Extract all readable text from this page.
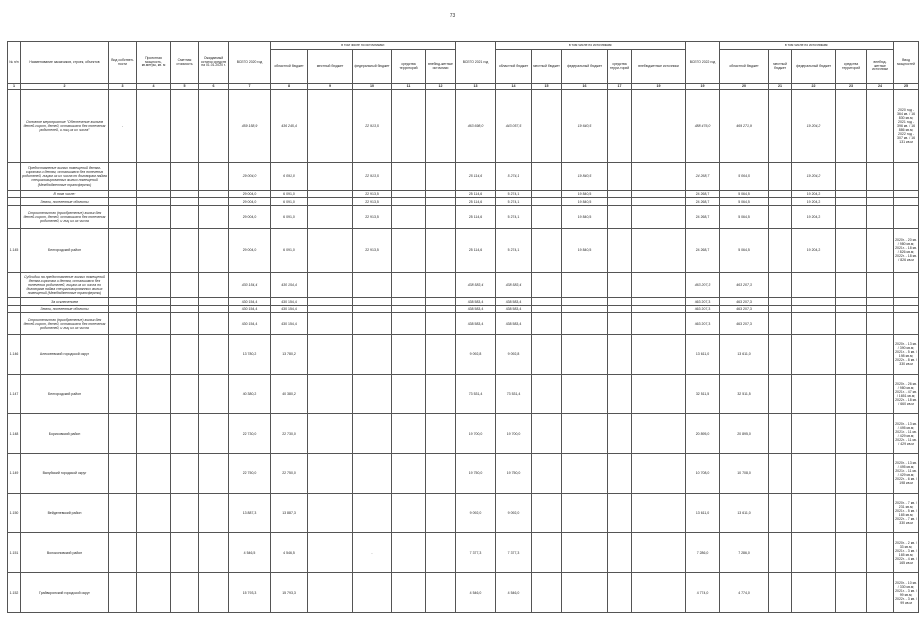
73
№ п/п	Наименование заказчиков, строек, объектов	Вид собствен-ности	Проектная мощность, кв.метры, кв. м	Сметная стоимость	Ожидаемый остаток средств на 01.01.2020 г.	ВСЕГО 2020 год	в том числе по источникам:					ВСЕГО 2021 год	в том числе по источникам:					ВСЕГО 2022 год	в том числе по источникам:					Ввод мощностей
							областной бюджет	местный бюджет	федеральный бюджет	средства территорий	внебюд-жетные источники		областной бюджет	местный бюджет	федеральный бюджет	средства терри-торий	внебюджетные источники		областной бюджет	местный бюджет	федеральный бюджет	средства территорий	внебюд-жетные источники	
1	2	3	4	5	6	7	8	9	10	11	12	13	14	15	16	17	19	19	20	21	22	23	24	25
	Основное мероприятие "Обеспечение жильем детей-сирот, детей, оставшихся без попечения родителей, и лиц из их числа"	-				459 158,9	436 245,4		22 913,5			463 698,0	443 057,5		19 640,5			488 476,0	469 271,9		19 204,2			2020 год - 364 кв. / 16 830 кв.м; 2021 год - 396 кв. / 16 886 кв.м; 2022 год - 307 кв. / 16 131 кв.м
	Предоставление жилых помещений детям-сиротам и детям, оставшимся без попечения родителей, лицам из их числа по договорам найма специализированных жилых помещений (Межбюджетные трансферты)					29 004,0	6 091,0		22 913,5			25 114,6	5 274,1		19 840,5			24 268,7	5 064,5		19 204,2			
	В том числе:					29 004,0	6 091,0		22 913,5			25 114,6	5 274,1		19 840,5			24 268,7	5 064,5		19 204,2			
	Земли, поселенные объекты					29 004,0	6 091,0		22 913,5			25 114,6	5 274,1		19 840,5			24 268,7	5 064,5		19 204,2			
	Строительство (приобретение) жилья для детей-сирот, детей, оставшихся без попечения родителей, и лиц из их числа					29 004,0	6 091,0		22 913,5			25 114,6	5 274,1		19 840,5			24 268,7	5 064,5		19 204,2			
1.145	Белгородский район					29 004,0	6 091,0		22 913,5			25 114,6	5 274,1		19 840,5			24 268,7	5 064,5		19 204,2			2020г. - 20 кв. / 980 кв.м; 2021г. - 18 кв. / 826 кв.м; 2022г. - 18 кв. / 826 кв.м
	Субсидии на предоставление жилых помещений детям-сиротам и детям, оставшимся без попечения родителей, лицам из их числа по договорам найма специализированных жилых помещений (Межбюджетные трансферты)					430 154,4	430 154,4					438 583,4	438 583,4					463 207,3	463 207,3					
	За исключением					430 154,4	430 154,4					438 583,4	438 583,4					463 207,3	463 207,3					
	Земли, поселенные объекты					430 154,4	430 154,4					438 583,4	438 583,4					463 207,3	463 207,3					
	Строительство (приобретение) жилья для детей-сирот, детей, оставшихся без попечения родителей, и лиц из их числа					430 154,4	430 154,4					438 583,4	438 583,4					463 207,3	463 207,3					
1.146	Алексеевский городской округ					13 780,2	13 780,2					9 092,8	9 092,8					13 611,0	13 611,0					2020г. - 13 кв. / 390 кв.м; 2021г. - 5 кв. / 198 кв.м; 2022г. - 8 кв. / 330 кв.м
1.147	Белгородский район					40 380,2	40 380,2					73 531,4	73 531,4					32 511,5	32 511,5					2020г. - 26 кв. / 980 кв.м; 2021г. - 47 кв. / 1651 кв.м; 2022г. - 18 кв. / 660 кв.м
1.148	Борисовский район					22 730,0	22 730,0					19 700,0	19 700,0					20 895,0	20 895,0					2020г. - 13 кв. / 495 кв.м; 2021г. - 11 кв. / 429 кв.м; 2022г. - 11 кв. / 429 кв.м
1.149	Валуйский городской округ					22 750,0	22 750,0					19 750,0	19 750,0					10 708,0	10 708,0					2020г. - 13 кв. / 495 кв.м; 2021г. - 11 кв. / 429 кв.м; 2022г. - 6 кв. / 198 кв.м
1.150	Вейделевский район					13 887,3	13 887,3					9 092,0	9 092,0					13 611,0	13 611,0					2020г. - 7 кв. / 231 кв.м; 2021г. - 5 кв. / 165 кв.м; 2022г. - 7 кв. / 330 кв.м
1.151	Волоконовский район					4 546,5	4 546,5		-			7 377,3	7 377,3					7 286,0	7 286,0					2020г. - 2 кв. / 33 кв.м; 2021г. - 3 кв. / 165 кв.м; 2022г. - 4 кв. / 165 кв.м
1.152	Грайворонский городской округ					15 793,3	15 793,3					4 546,0	4 546,0					4 774,0	4 774,0					2020г. - 10 кв. / 330 кв.м; 2021г. - 3 кв. / 99 кв.м; 2022г. - 3 кв. / 99 кв.м
